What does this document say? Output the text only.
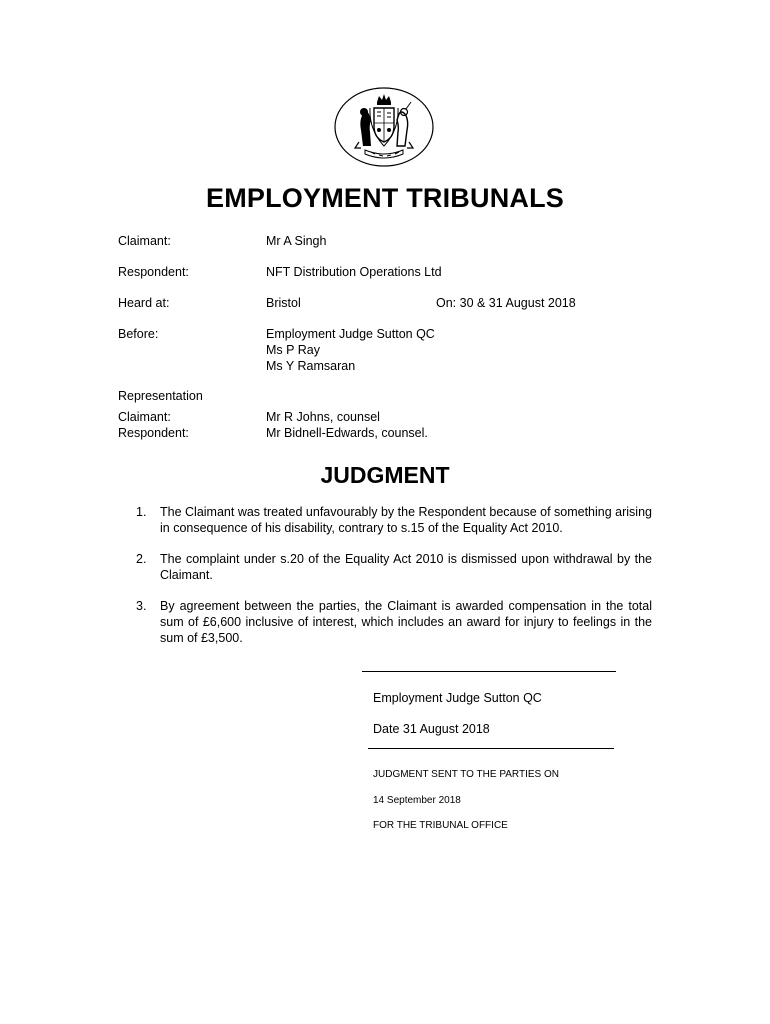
EMPLOYMENT TRIBUNALS
Claimant:	Mr A Singh
Respondent:	NFT Distribution Operations Ltd
Heard at:	Bristol	On: 30 & 31 August 2018
Before:	Employment Judge Sutton QC
Ms P Ray
Ms Y Ramsaran
Representation
Claimant:	Mr R Johns, counsel
Respondent:	Mr Bidnell-Edwards, counsel.
JUDGMENT
1. The Claimant was treated unfavourably by the Respondent because of something arising in consequence of his disability, contrary to s.15 of the Equality Act 2010.
2. The complaint under s.20 of the Equality Act 2010 is dismissed upon withdrawal by the Claimant.
3. By agreement between the parties, the Claimant is awarded compensation in the total sum of £6,600 inclusive of interest, which includes an award for injury to feelings in the sum of £3,500.
Employment Judge Sutton QC
Date 31 August 2018
JUDGMENT SENT TO THE PARTIES ON
14 September 2018
FOR THE TRIBUNAL OFFICE
